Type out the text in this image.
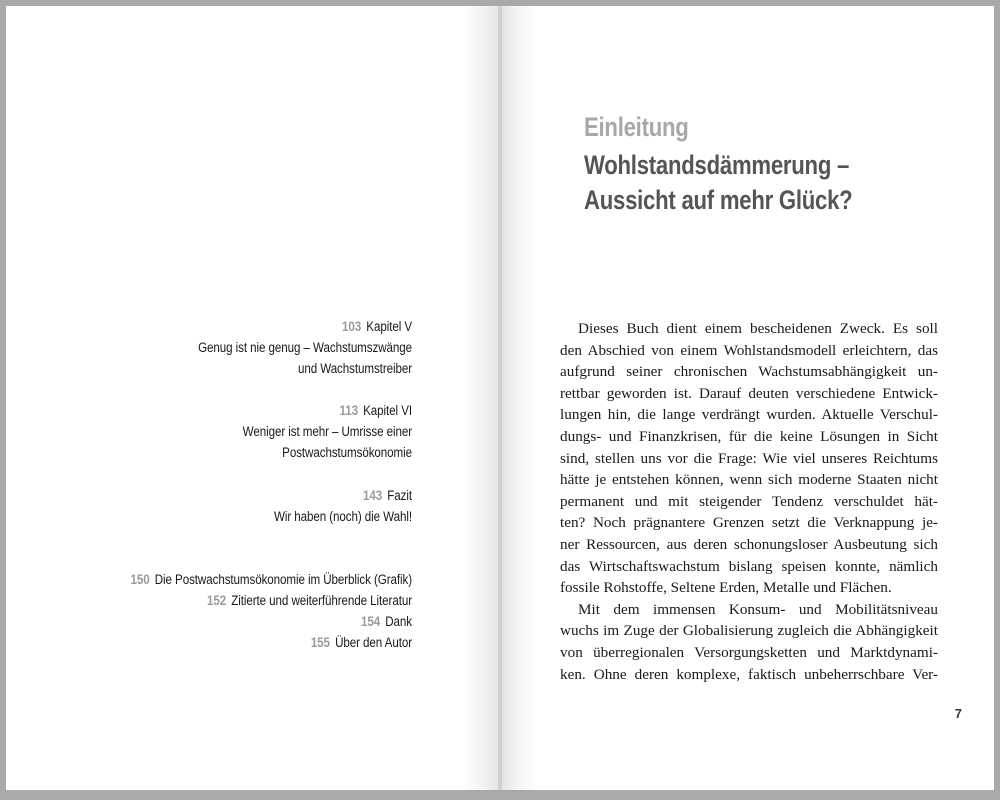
103 Kapitel V
Genug ist nie genug – Wachstumszwänge
und Wachstumstreiber
113 Kapitel VI
Weniger ist mehr – Umrisse einer
Postwachstumsökonomie
143 Fazit
Wir haben (noch) die Wahl!
150 Die Postwachstumsökonomie im Überblick (Grafik)
152 Zitierte und weiterführende Literatur
154 Dank
155 Über den Autor
Einleitung
Wohlstandsdämmerung –
Aussicht auf mehr Glück?
Dieses Buch dient einem bescheidenen Zweck. Es soll
den Abschied von einem Wohlstandsmodell erleichtern, das
aufgrund seiner chronischen Wachstumsabhängigkeit un-
rettbar geworden ist. Darauf deuten verschiedene Entwick-
lungen hin, die lange verdrängt wurden. Aktuelle Verschul-
dungs- und Finanzkrisen, für die keine Lösungen in Sicht
sind, stellen uns vor die Frage: Wie viel unseres Reichtums
hätte je entstehen können, wenn sich moderne Staaten nicht
permanent und mit steigender Tendenz verschuldet hät-
ten? Noch prägnantere Grenzen setzt die Verknappung je-
ner Ressourcen, aus deren schonungsloser Ausbeutung sich
das Wirtschaftswachstum bislang speisen konnte, nämlich
fossile Rohstoffe, Seltene Erden, Metalle und Flächen.
Mit dem immensen Konsum- und Mobilitätsniveau
wuchs im Zuge der Globalisierung zugleich die Abhängigkeit
von überregionalen Versorgungsketten und Marktdynami-
ken. Ohne deren komplexe, faktisch unbeherrschbare Ver-
7
